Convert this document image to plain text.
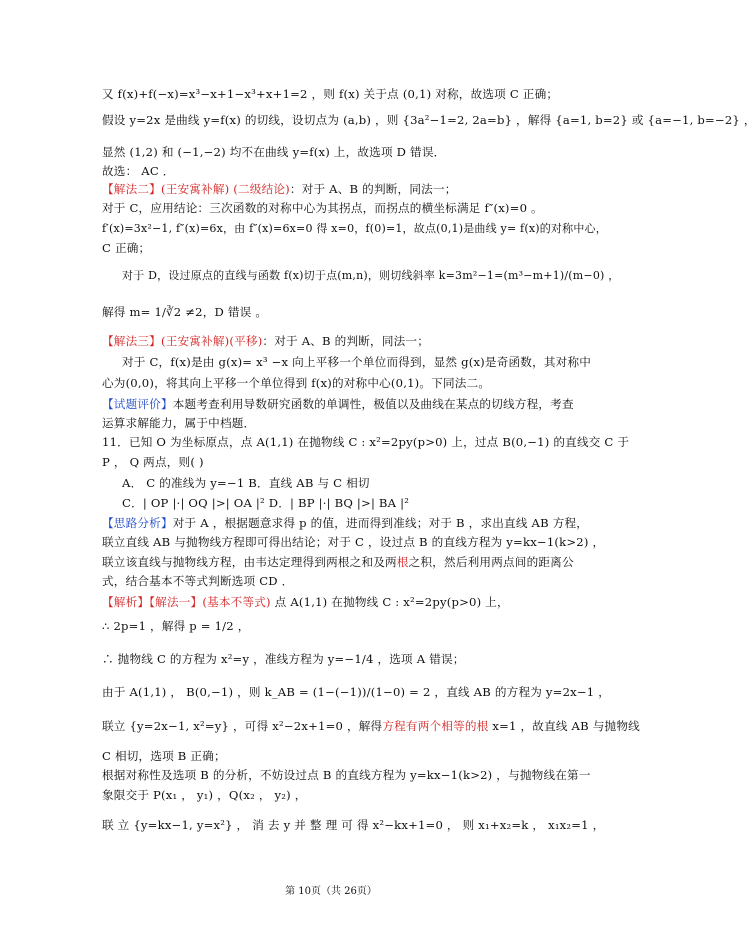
又 f(x)+f(−x)=x³−x+1−x³+x+1=2 ，则 f(x) 关于点 (0,1) 对称，故选项 C 正确；
假设 y=2x 是曲线 y=f(x) 的切线，设切点为 (a,b) ，则 {3a²−1=2, 2a=b} ，解得 {a=1, b=2} 或 {a=−1, b=−2} ，
显然 (1,2) 和 (−1,−2) 均不在曲线 y=f(x) 上，故选项 D 错误．
故选： AC ．
【解法二】(王安寓补解) (二级结论)：对于 A、B 的判断，同法一；
对于 C，应用结论：三次函数的对称中心为其拐点，而拐点的横坐标满足 f″(x)=0 。
f′(x)=3x²−1, f″(x)=6x，由 f″(x)=6x=0 得 x=0，f(0)=1，故点(0,1)是曲线 y= f(x)的对称中心，
C 正确；
对于 D，设过原点的直线与函数 f(x)切于点(m,n)，则切线斜率 k=3m²−1=(m³−m+1)/(m−0) ，
解得 m= 1/∛2 ≠2，D 错误 。
【解法三】(王安寓补解)(平移)：对于 A、B 的判断，同法一；
对于 C，f(x)是由 g(x)= x³ −x 向上平移一个单位而得到，显然 g(x)是奇函数，其对称中
心为(0,0)，将其向上平移一个单位得到 f(x)的对称中心(0,1)。下同法二。
【试题评价】本题考查利用导数研究函数的单调性，极值以及曲线在某点的切线方程，考查
运算求解能力，属于中档题．
11．已知 O 为坐标原点，点 A(1,1) 在抛物线 C : x²=2py(p>0) 上，过点 B(0,−1) 的直线交 C 于
P ， Q 两点，则( )
A． C 的准线为 y=−1 B．直线 AB 与 C 相切
C．| OP |·| OQ |>| OA |² D．| BP |·| BQ |>| BA |²
【思路分析】对于 A ，根据题意求得 p 的值，进而得到准线；对于 B ，求出直线 AB 方程，
联立直线 AB 与抛物线方程即可得出结论；对于 C ，设过点 B 的直线方程为 y=kx−1(k>2) ，
联立该直线与抛物线方程，由韦达定理得到两根之和及两根之积，然后利用两点间的距离公
式，结合基本不等式判断选项 CD ．
【解析】【解法一】(基本不等式) 点 A(1,1) 在抛物线 C : x²=2py(p>0) 上，
∴ 2p=1 ，解得 p = 1/2 ，
∴ 抛物线 C 的方程为 x²=y ，准线方程为 y=−1/4 ，选项 A 错误；
由于 A(1,1) ， B(0,−1) ，则 k_AB = (1−(−1))/(1−0) = 2 ，直线 AB 的方程为 y=2x−1 ，
联立 {y=2x−1, x²=y} ，可得 x²−2x+1=0 ，解得方程有两个相等的根 x=1 ，故直线 AB 与抛物线
C 相切，选项 B 正确；
根据对称性及选项 B 的分析，不妨设过点 B 的直线方程为 y=kx−1(k>2) ，与抛物线在第一
象限交于 P(x₁ ， y₁) ，Q(x₂ ， y₂) ，
联 立 {y=kx−1, y=x²} ， 消 去 y 并 整 理 可 得 x²−kx+1=0 ， 则 x₁+x₂=k ， x₁x₂=1 ，
第 10页（共 26页）
